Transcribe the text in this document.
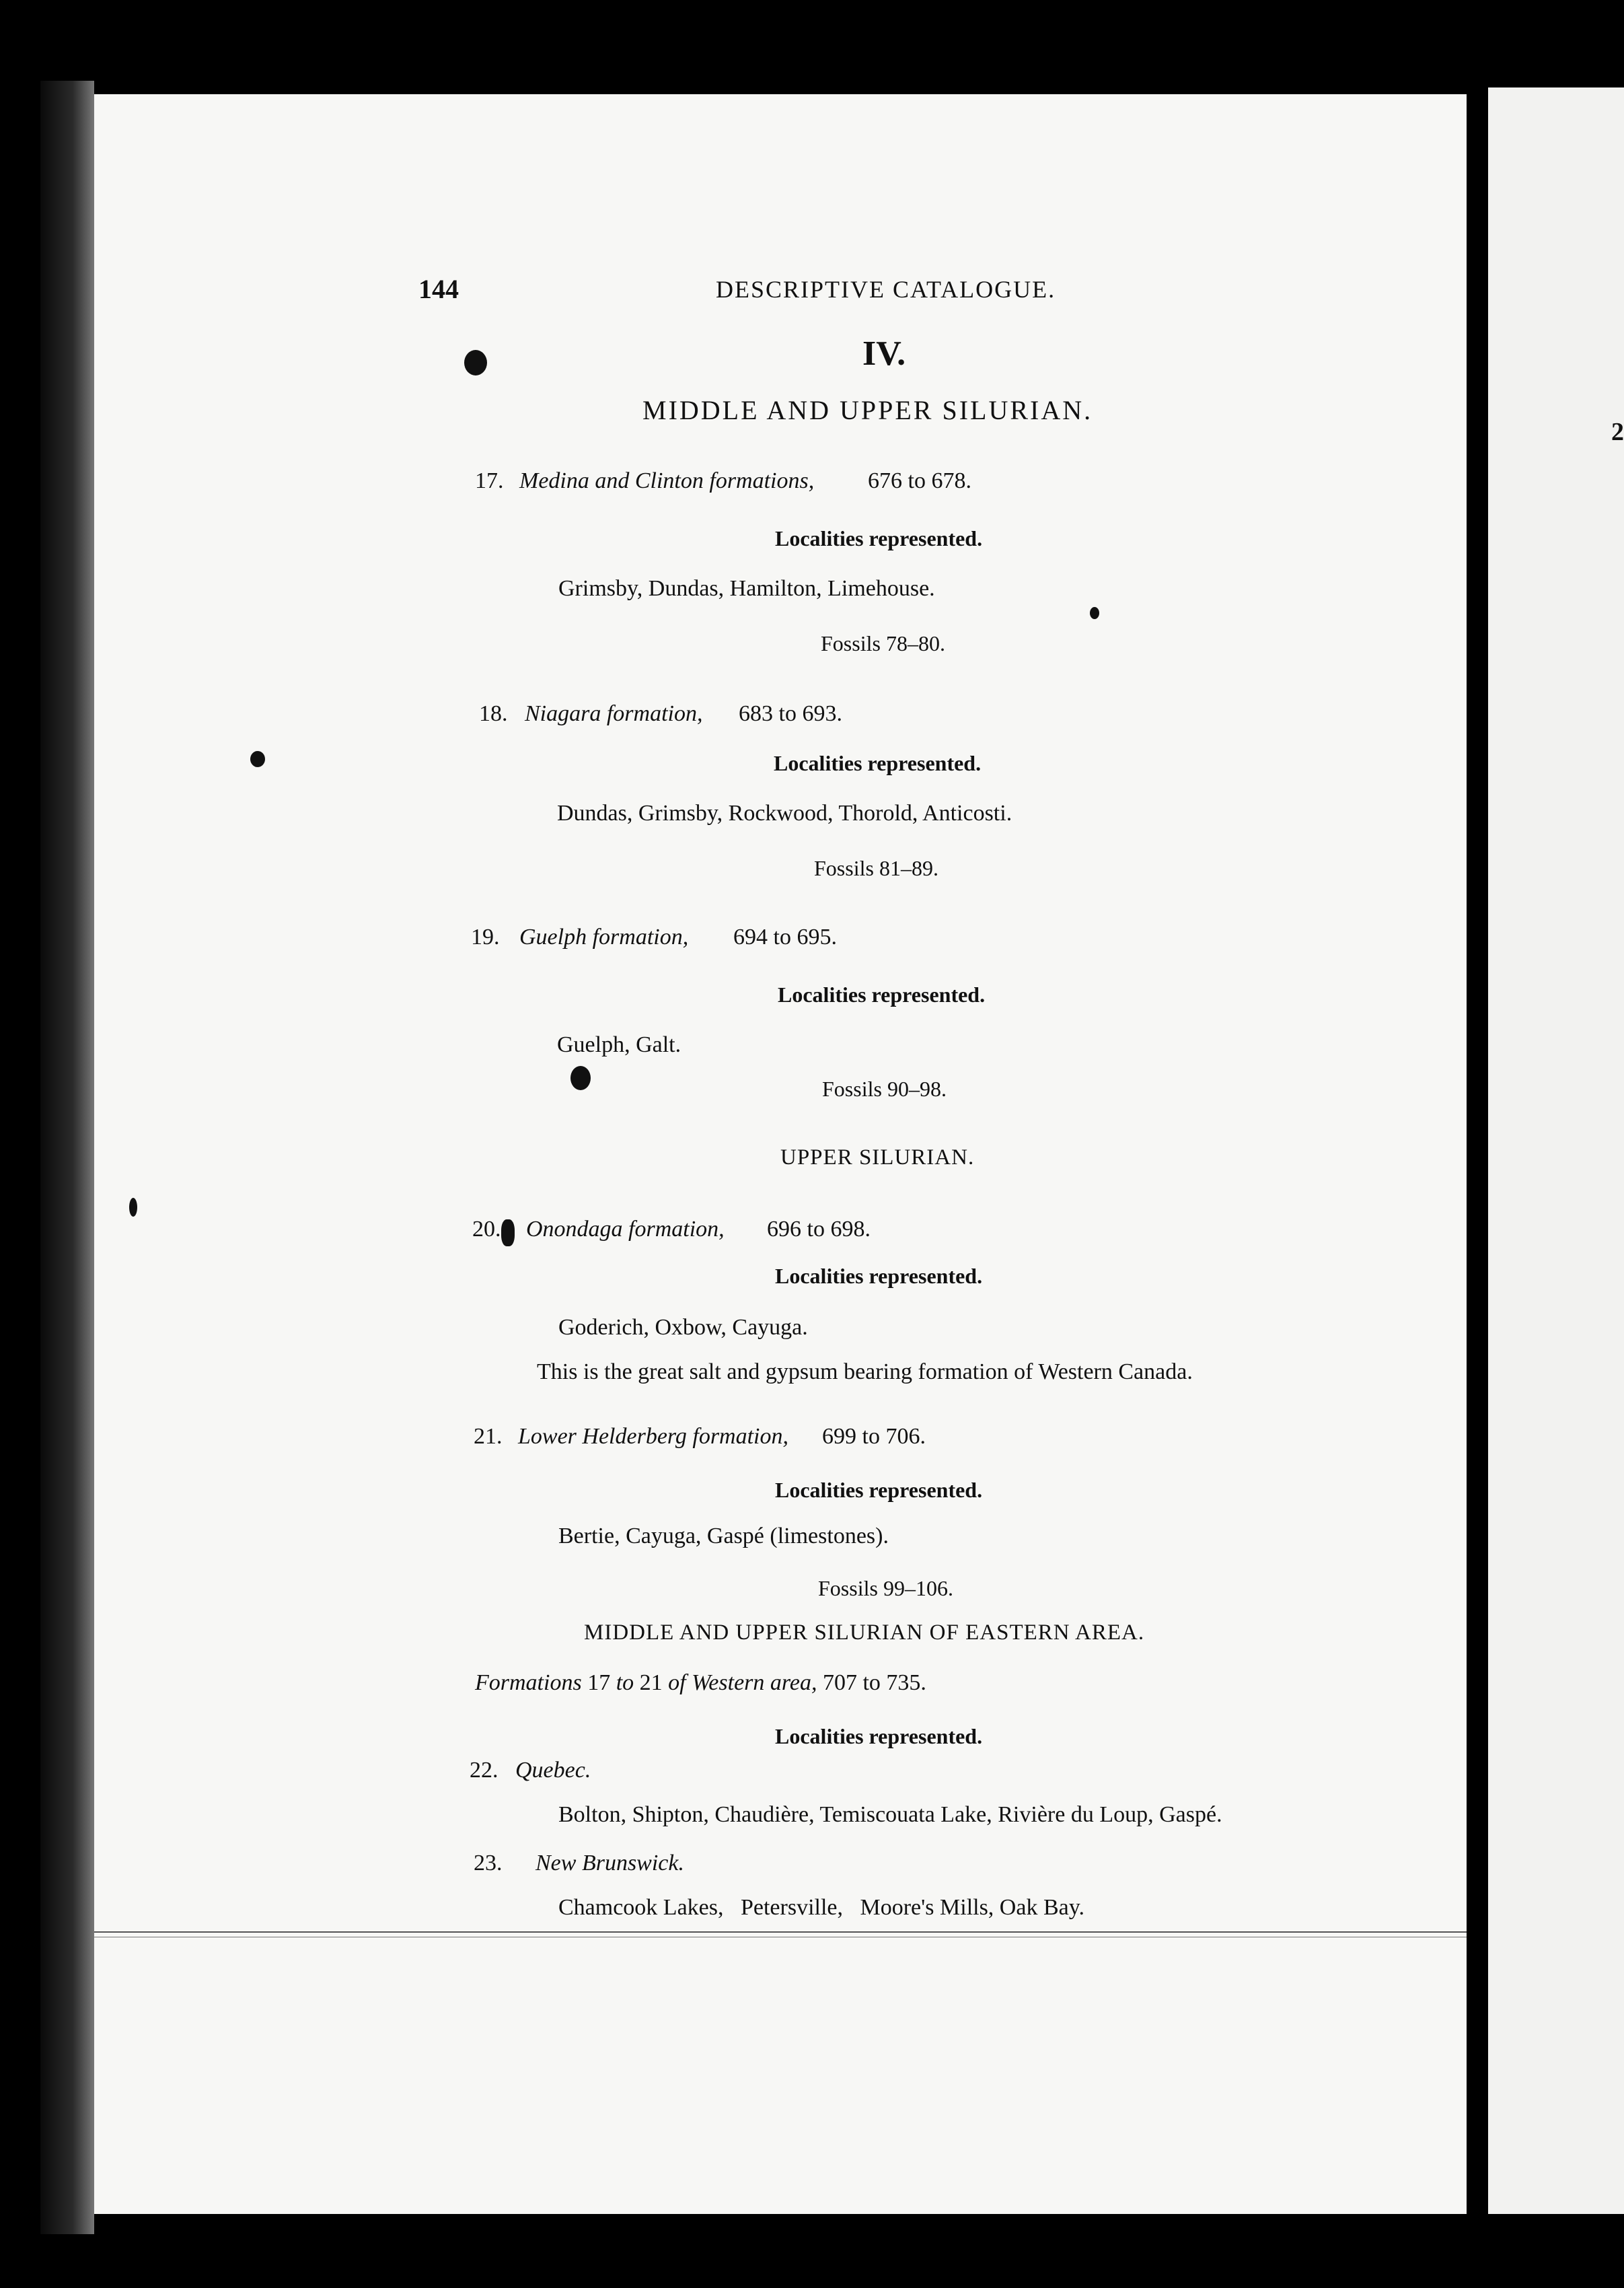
144	DESCRIPTIVE CATALOGUE.
IV.
MIDDLE AND UPPER SILURIAN.
17. Medina and Clinton formations, 676 to 678.
Localities represented.
Grimsby, Dundas, Hamilton, Limehouse.
Fossils 78–80.
18. Niagara formation, 683 to 693.
Localities represented.
Dundas, Grimsby, Rockwood, Thorold, Anticosti.
Fossils 81–89.
19. Guelph formation, 694 to 695.
Localities represented.
Guelph, Galt.
Fossils 90–98.
UPPER SILURIAN.
20. Onondaga formation, 696 to 698.
Localities represented.
Goderich, Oxbow, Cayuga.
This is the great salt and gypsum bearing formation of Western Canada.
21. Lower Helderberg formation, 699 to 706.
Localities represented.
Bertie, Cayuga, Gaspé (limestones).
Fossils 99–106.
MIDDLE AND UPPER SILURIAN OF EASTERN AREA.
Formations 17 to 21 of Western area, 707 to 735.
Localities represented.
22. Quebec.
Bolton, Shipton, Chaudière, Temiscouata Lake, Rivière du Loup, Gaspé.
23. New Brunswick.
Chamcook Lakes,   Petersville,   Moore's Mills, Oak Bay.
2
